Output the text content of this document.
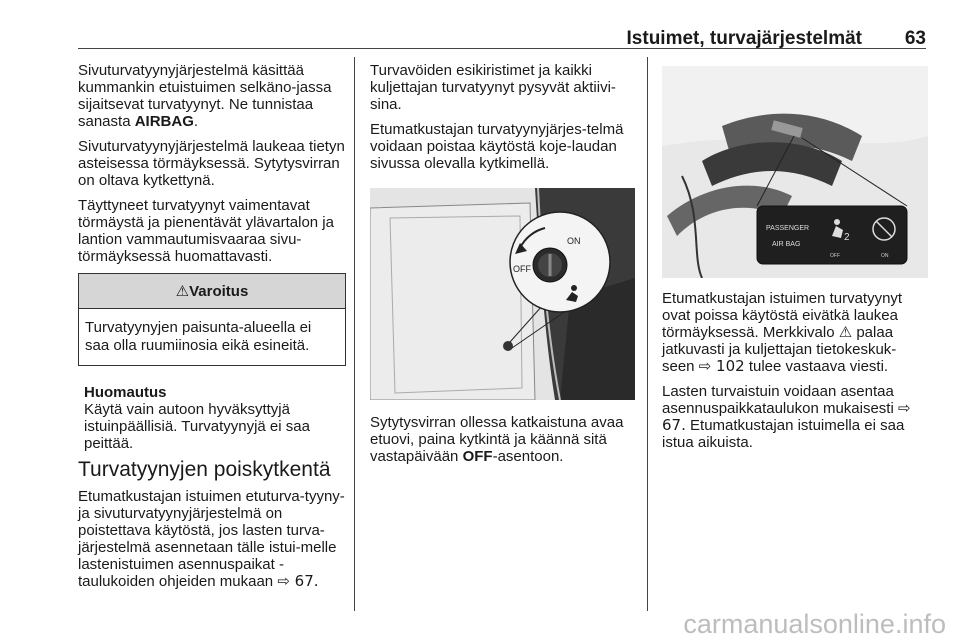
Istuimet, turvajärjestelmät 63

Sivuturvatyynyjärjestelmä käsittää kummankin etuistuimen selkäno-jassa sijaitsevat turvatyynyt. Ne tunnistaa sanasta AIRBAG.

Sivuturvatyynyjärjestelmä laukeaa tietyn asteisessa törmäyksessä. Sytytysvirran on oltava kytkettynä.

Täyttyneet turvatyynyt vaimentavat törmäystä ja pienentävät ylävartalon ja lantion vammautumisvaaraa sivu-törmäyksessä huomattavasti.

⚠Varoitus
Turvatyynyjen paisunta-alueella ei saa olla ruumiinosia eikä esineitä.
Huomautus
Käytä vain autoon hyväksyttyjä istuinpäällisiä. Turvatyynyjä ei saa peittää.
Turvatyynyjen poiskytkentä

Etumatkustajan istuimen etuturva-tyyny- ja sivuturvatyynyjärjestelmä on poistettava käytöstä, jos lasten turva-järjestelmä asennetaan tälle istui-melle lastenistuimen asennuspaikat -taulukoiden ohjeiden mukaan ⇨ 67.

Turvavöiden esikiristimet ja kaikki kuljettajan turvatyynyt pysyvät aktiivi-sina.

Etumatkustajan turvatyynyjärjes-telmä voidaan poistaa käytöstä koje-laudan sivussa olevalla kytkimellä.

ON
OFF

Sytytysvirran ollessa katkaistuna avaa etuovi, paina kytkintä ja käännä sitä vastapäivään OFF-asentoon.

PASSENGER
AIR BAG
2
OFF	ON

Etumatkustajan istuimen turvatyynyt ovat poissa käytöstä eivätkä laukea törmäyksessä. Merkkivalo ⚠ palaa jatkuvasti ja kuljettajan tietokeskuk-seen ⇨ 102 tulee vastaava viesti.

Lasten turvaistuin voidaan asentaa asennuspaikkataulukon mukaisesti ⇨ 67. Etumatkustajan istuimella ei saa istua aikuista.

carmanualsonline.info
